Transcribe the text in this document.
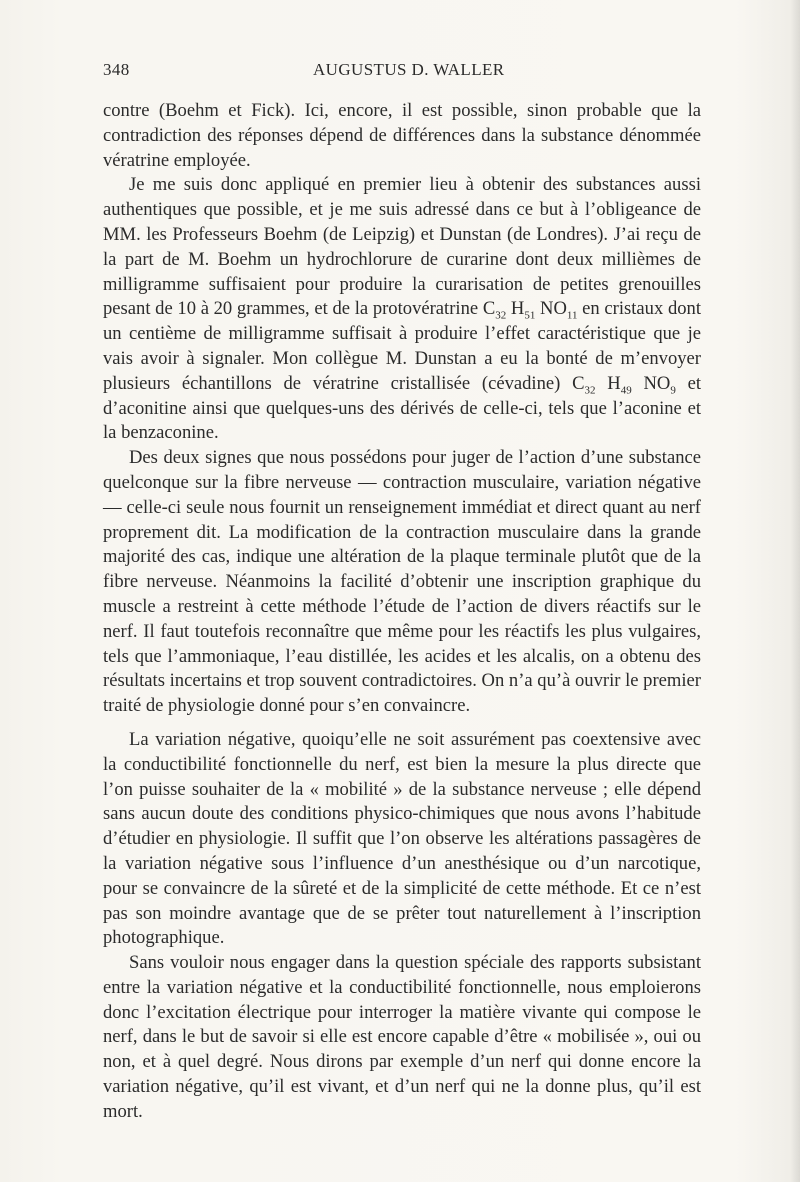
348	AUGUSTUS D. WALLER

contre (Boehm et Fick). Ici, encore, il est possible, sinon probable que la contradiction des réponses dépend de différences dans la substance dénommée vératrine employée.

Je me suis donc appliqué en premier lieu à obtenir des substances aussi authentiques que possible, et je me suis adressé dans ce but à l’obligeance de MM. les Professeurs Boehm (de Leipzig) et Dunstan (de Londres). J’ai reçu de la part de M. Boehm un hydrochlorure de curarine dont deux millièmes de milligramme suffisaient pour produire la curarisation de petites grenouilles pesant de 10 à 20 grammes, et de la protovératrine $C_{32}$ $H_{51}$ $NO_{11}$ en cristaux dont un centième de milligramme suffisait à produire l’effet caractéristique que je vais avoir à signaler. Mon collègue M. Dunstan a eu la bonté de m’envoyer plusieurs échantillons de vératrine cristallisée (cévadine) $C_{32}$ $H_{49}$ $NO_9$ et d’aconitine ainsi que quelques-uns des dérivés de celle-ci, tels que l’aconine et la benzaconine.

Des deux signes que nous possédons pour juger de l’action d’une substance quelconque sur la fibre nerveuse — contraction musculaire, variation négative — celle-ci seule nous fournit un renseignement immédiat et direct quant au nerf proprement dit. La modification de la contraction musculaire dans la grande majorité des cas, indique une altération de la plaque terminale plutôt que de la fibre nerveuse. Néanmoins la facilité d’obtenir une inscription graphique du muscle a restreint à cette méthode l’étude de l’action de divers réactifs sur le nerf. Il faut toutefois reconnaître que même pour les réactifs les plus vulgaires, tels que l’ammoniaque, l’eau distillée, les acides et les alcalis, on a obtenu des résultats incertains et trop souvent contradictoires. On n’a qu’à ouvrir le premier traité de physiologie donné pour s’en convaincre.

La variation négative, quoiqu’elle ne soit assurément pas coextensive avec la conductibilité fonctionnelle du nerf, est bien la mesure la plus directe que l’on puisse souhaiter de la « mobilité » de la substance nerveuse ; elle dépend sans aucun doute des conditions physico-chimiques que nous avons l’habitude d’étudier en physiologie. Il suffit que l’on observe les altérations passagères de la variation négative sous l’influence d’un anesthésique ou d’un narcotique, pour se convaincre de la sûreté et de la simplicité de cette méthode. Et ce n’est pas son moindre avantage que de se prêter tout naturellement à l’inscription photographique.

Sans vouloir nous engager dans la question spéciale des rapports subsistant entre la variation négative et la conductibilité fonctionnelle, nous emploierons donc l’excitation électrique pour interroger la matière vivante qui compose le nerf, dans le but de savoir si elle est encore capable d’être « mobilisée », oui ou non, et à quel degré. Nous dirons par exemple d’un nerf qui donne encore la variation négative, qu’il est vivant, et d’un nerf qui ne la donne plus, qu’il est mort.
